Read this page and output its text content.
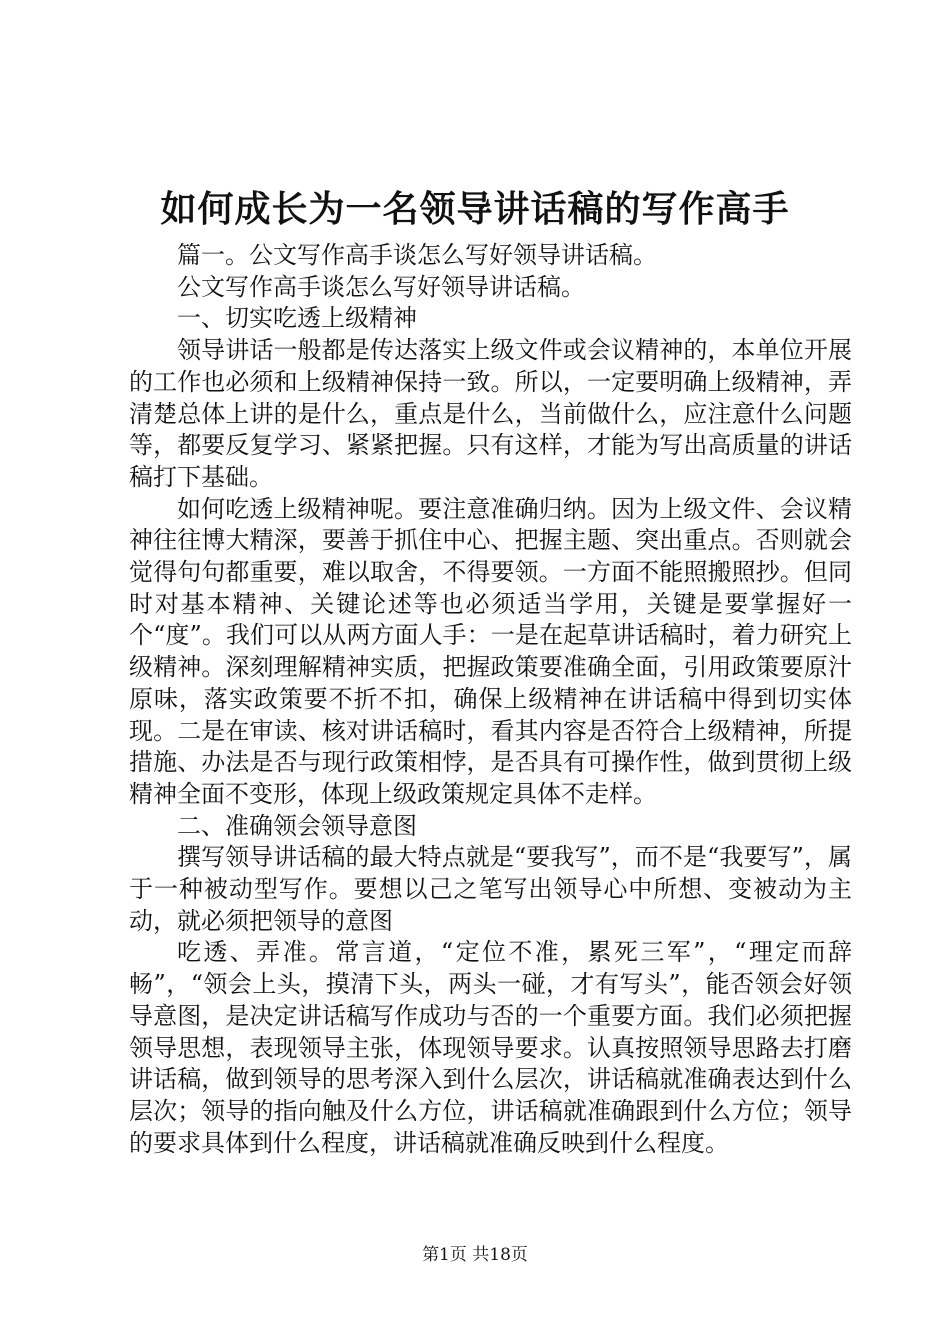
如何成长为一名领导讲话稿的写作高手

篇一。公文写作高手谈怎么写好领导讲话稿。

公文写作高手谈怎么写好领导讲话稿。

一、切实吃透上级精神

领导讲话一般都是传达落实上级文件或会议精神的，本单位开展的工作也必须和上级精神保持一致。所以，一定要明确上级精神，弄清楚总体上讲的是什么，重点是什么，当前做什么，应注意什么问题等，都要反复学习、紧紧把握。只有这样，才能为写出高质量的讲话稿打下基础。

如何吃透上级精神呢。要注意准确归纳。因为上级文件、会议精神往往博大精深，要善于抓住中心、把握主题、突出重点。否则就会觉得句句都重要，难以取舍，不得要领。一方面不能照搬照抄。但同时对基本精神、关键论述等也必须适当学用，关键是要掌握好一个“度”。我们可以从两方面人手：一是在起草讲话稿时，着力研究上级精神。深刻理解精神实质，把握政策要准确全面，引用政策要原汁原味，落实政策要不折不扣，确保上级精神在讲话稿中得到切实体现。二是在审读、核对讲话稿时，看其内容是否符合上级精神，所提措施、办法是否与现行政策相悖，是否具有可操作性，做到贯彻上级精神全面不变形，体现上级政策规定具体不走样。

二、准确领会领导意图

撰写领导讲话稿的最大特点就是“要我写”，而不是“我要写”，属于一种被动型写作。要想以己之笔写出领导心中所想、变被动为主动，就必须把领导的意图

吃透、弄准。常言道，“定位不准，累死三军”，“理定而辞畅”，“领会上头，摸清下头，两头一碰，才有写头”，能否领会好领导意图，是决定讲话稿写作成功与否的一个重要方面。我们必须把握领导思想，表现领导主张，体现领导要求。认真按照领导思路去打磨讲话稿，做到领导的思考深入到什么层次，讲话稿就准确表达到什么层次；领导的指向触及什么方位，讲话稿就准确跟到什么方位；领导的要求具体到什么程度，讲话稿就准确反映到什么程度。

第1页 共18页
